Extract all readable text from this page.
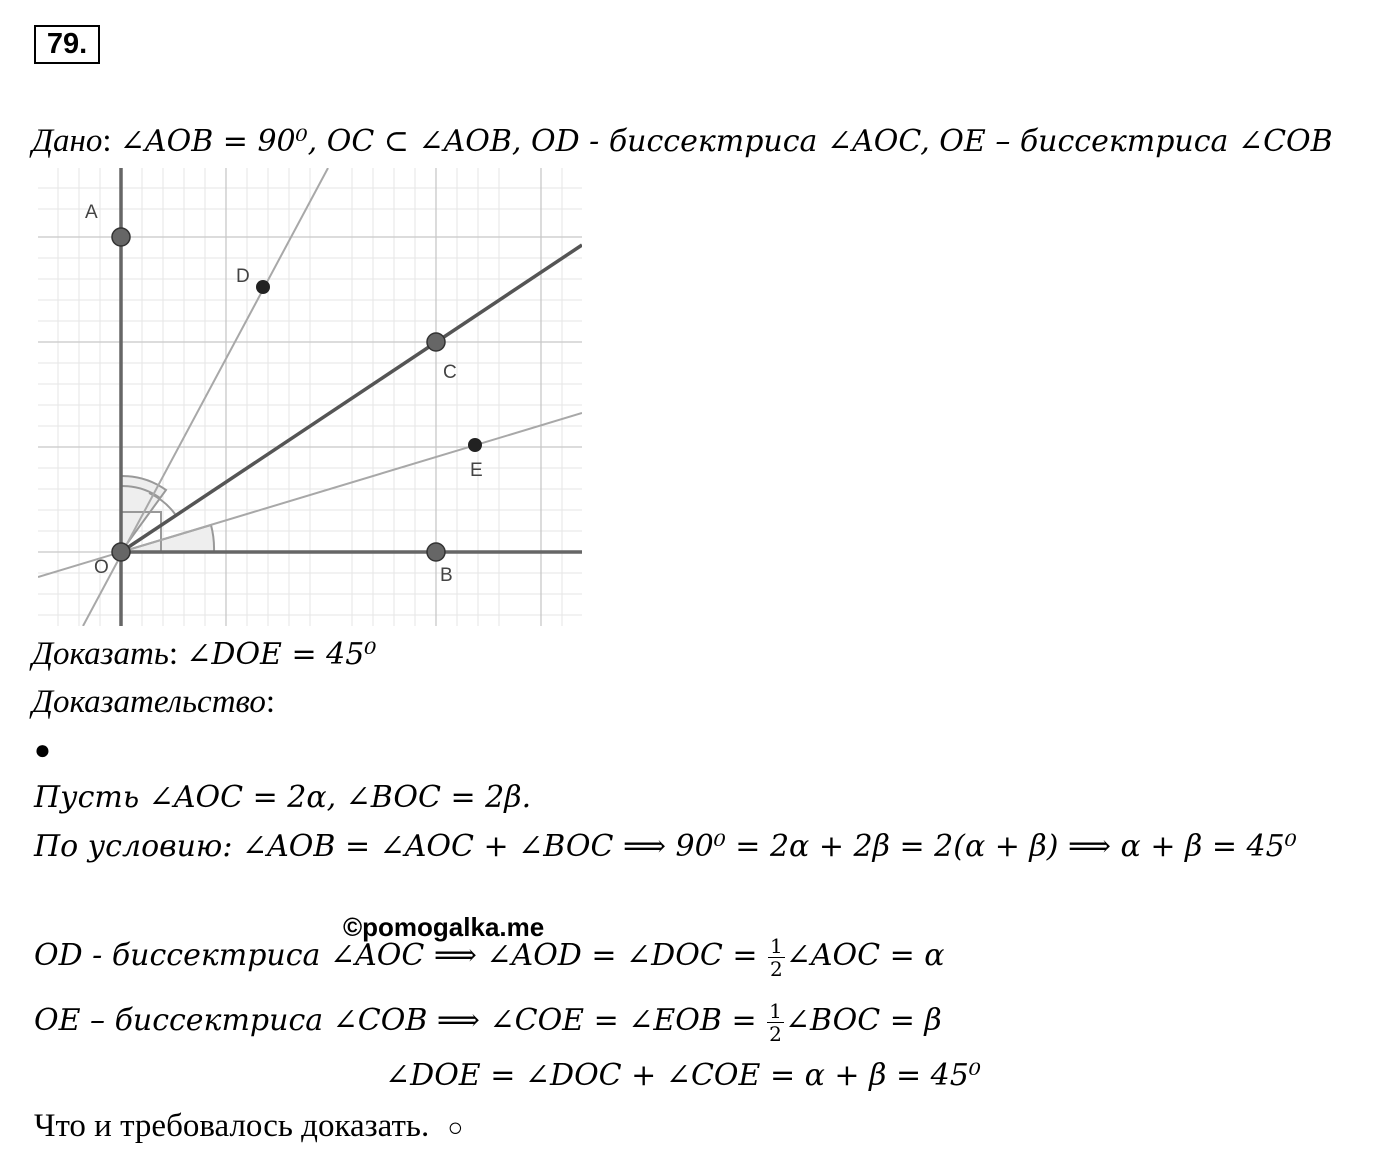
79.
Дано: ∠AOB = 90⁰, OC ⊂ ∠AOB, OD - биссектриса ∠AOC, OE – биссектриса ∠COB
A
D
C
E
O	B
Доказать: ∠DOE = 45⁰
Доказательство:
●
Пусть ∠AOC = 2α, ∠BOC = 2β.
По условию: ∠AOB = ∠AOC + ∠BOC ⟹ 90⁰ = 2α + 2β = 2(α + β) ⟹ α + β = 45⁰
©pomogalka.me
OD - биссектриса ∠AOC ⟹ ∠AOD = ∠DOC = $\frac{1}{2}$ ∠AOC = α
OE – биссектриса ∠COB ⟹ ∠COE = ∠EOB = $\frac{1}{2}$ ∠BOC = β
∠DOE = ∠DOC + ∠COE = α + β = 45⁰
Что и требовалось доказать. ○
